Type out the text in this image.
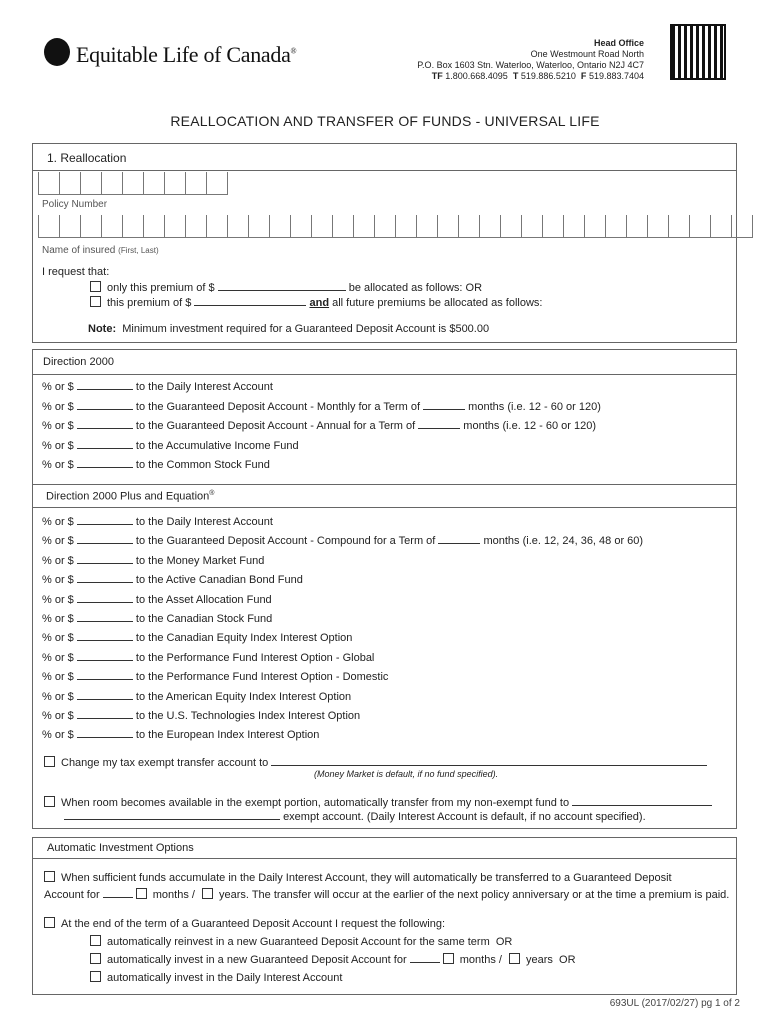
Equitable Life of Canada®
Head Office
One Westmount Road North
P.O. Box 1603 Stn. Waterloo, Waterloo, Ontario N2J 4C7
TF 1.800.668.4095 T 519.886.5210 F 519.883.7404
REALLOCATION AND TRANSFER OF FUNDS - UNIVERSAL LIFE
1. Reallocation
Policy Number
Name of insured (First, Last)
I request that:
only this premium of $	be allocated as follows: OR
this premium of $	and all future premiums be allocated as follows:
Note: Minimum investment required for a Guaranteed Deposit Account is $500.00
Direction 2000
% or $	to the Daily Interest Account
% or $	to the Guaranteed Deposit Account - Monthly for a Term of	months (i.e. 12 - 60 or 120)
% or $	to the Guaranteed Deposit Account - Annual for a Term of	months (i.e. 12 - 60 or 120)
% or $	to the Accumulative Income Fund
% or $	to the Common Stock Fund
Direction 2000 Plus and Equation®
% or $	to the Daily Interest Account
% or $	to the Guaranteed Deposit Account - Compound for a Term of	months (i.e. 12, 24, 36, 48 or 60)
% or $	to the Money Market Fund
% or $	to the Active Canadian Bond Fund
% or $	to the Asset Allocation Fund
% or $	to the Canadian Stock Fund
% or $	to the Canadian Equity Index Interest Option
% or $	to the Performance Fund Interest Option - Global
% or $	to the Performance Fund Interest Option - Domestic
% or $	to the American Equity Index Interest Option
% or $	to the U.S. Technologies Index Interest Option
% or $	to the European Index Interest Option
Change my tax exempt transfer account to
(Money Market is default, if no fund specified).
When room becomes available in the exempt portion, automatically transfer from my non-exempt fund to
exempt account. (Daily Interest Account is default, if no account specified).
Automatic Investment Options
When sufficient funds accumulate in the Daily Interest Account, they will automatically be transferred to a Guaranteed Deposit
Account for	months / years. The transfer will occur at the earlier of the next policy anniversary or at the time a premium is paid.
At the end of the term of a Guaranteed Deposit Account I request the following:
automatically reinvest in a new Guaranteed Deposit Account for the same term OR
automatically invest in a new Guaranteed Deposit Account for	months / years OR
automatically invest in the Daily Interest Account
693UL (2017/02/27) pg 1 of 2
